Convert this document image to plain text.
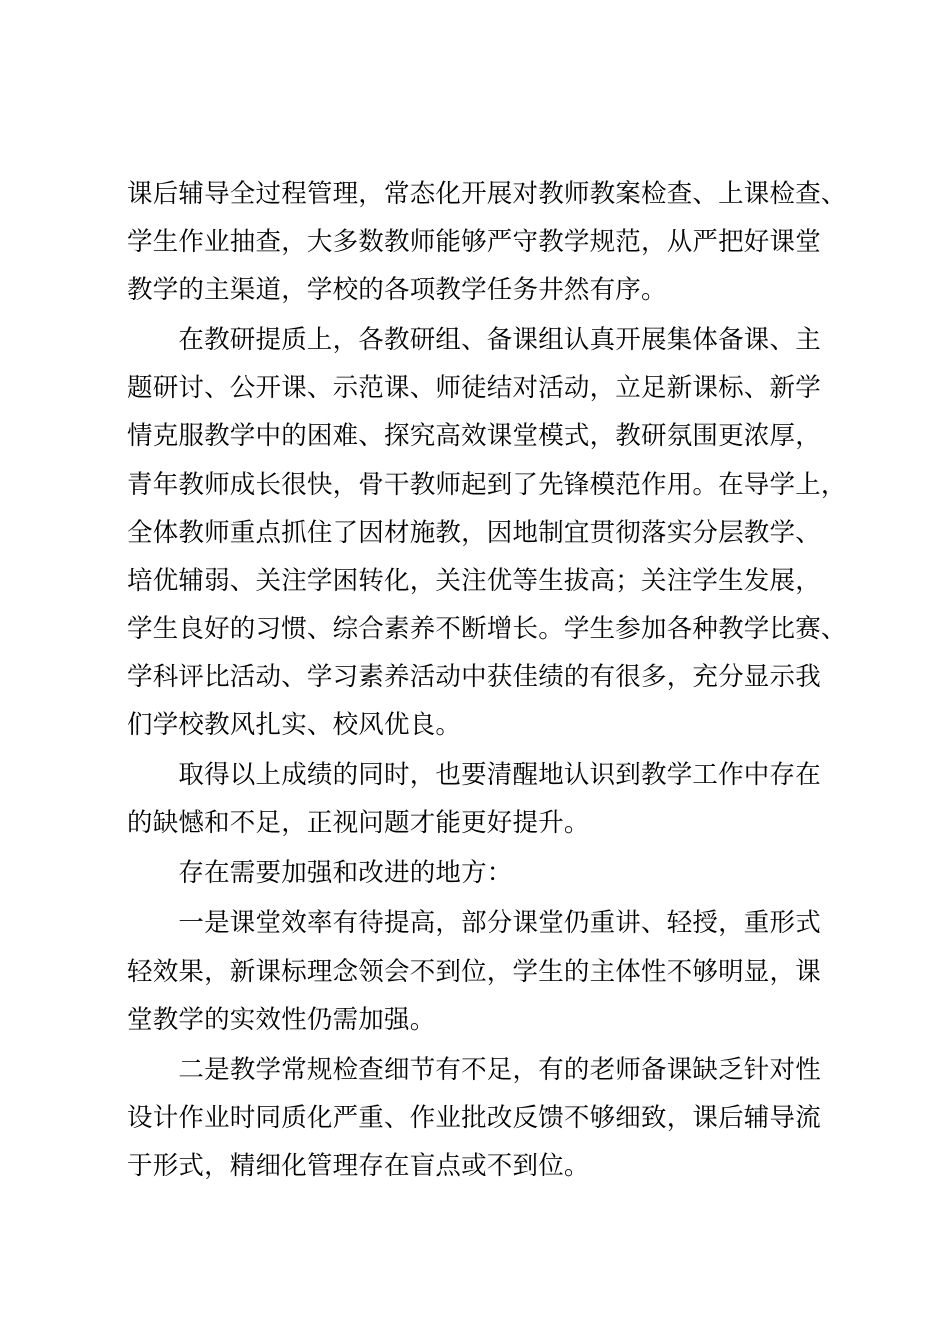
课后辅导全过程管理，常态化开展对教师教案检查、上课检查、
学生作业抽查，大多数教师能够严守教学规范，从严把好课堂
教学的主渠道，学校的各项教学任务井然有序。
　　在教研提质上，各教研组、备课组认真开展集体备课、主
题研讨、公开课、示范课、师徒结对活动，立足新课标、新学
情克服教学中的困难、探究高效课堂模式，教研氛围更浓厚，
青年教师成长很快，骨干教师起到了先锋模范作用。在导学上，
全体教师重点抓住了因材施教，因地制宜贯彻落实分层教学、
培优辅弱、关注学困转化，关注优等生拔高；关注学生发展，
学生良好的习惯、综合素养不断增长。学生参加各种教学比赛、
学科评比活动、学习素养活动中获佳绩的有很多，充分显示我
们学校教风扎实、校风优良。
　　取得以上成绩的同时，也要清醒地认识到教学工作中存在
的缺憾和不足，正视问题才能更好提升。
　　存在需要加强和改进的地方：
　　一是课堂效率有待提高，部分课堂仍重讲、轻授，重形式
轻效果，新课标理念领会不到位，学生的主体性不够明显，课
堂教学的实效性仍需加强。
　　二是教学常规检查细节有不足，有的老师备课缺乏针对性
设计作业时同质化严重、作业批改反馈不够细致，课后辅导流
于形式，精细化管理存在盲点或不到位。
